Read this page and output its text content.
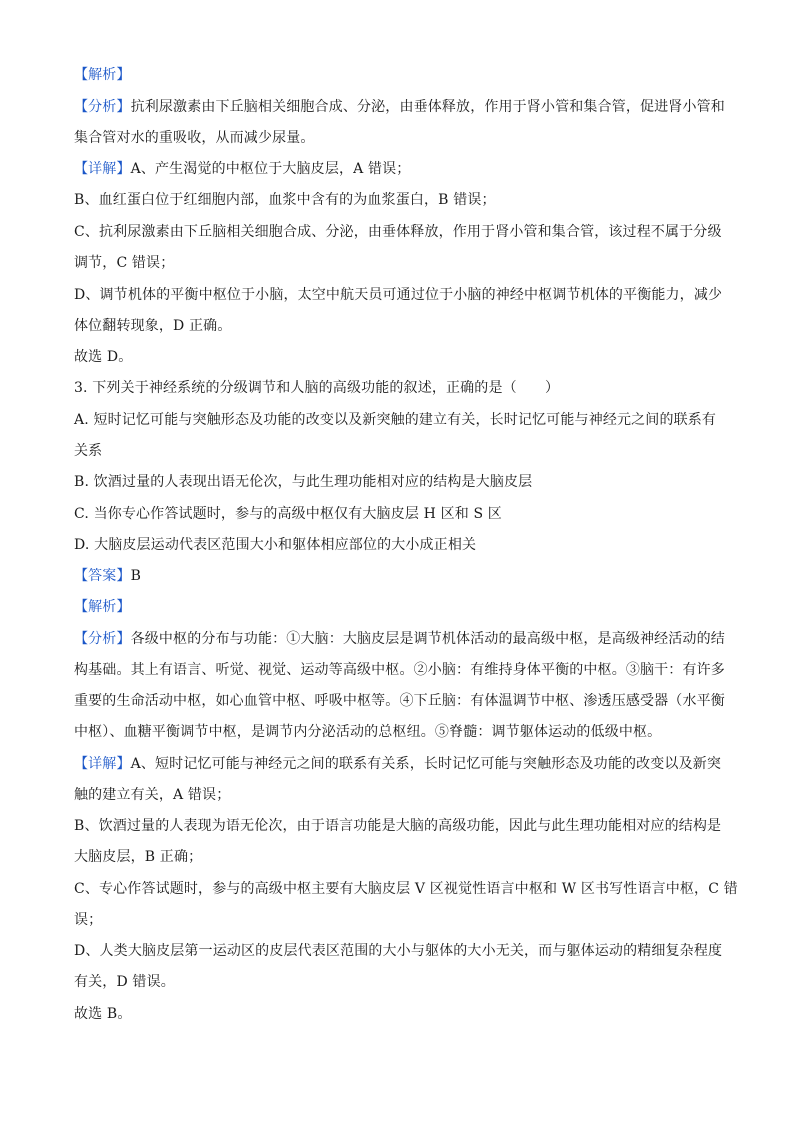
【解析】
【分析】抗利尿激素由下丘脑相关细胞合成、分泌，由垂体释放，作用于肾小管和集合管，促进肾小管和
集合管对水的重吸收，从而减少尿量。
【详解】A、产生渴觉的中枢位于大脑皮层，A 错误；
B、血红蛋白位于红细胞内部，血浆中含有的为血浆蛋白，B 错误；
C、抗利尿激素由下丘脑相关细胞合成、分泌，由垂体释放，作用于肾小管和集合管，该过程不属于分级
调节，C 错误；
D、调节机体的平衡中枢位于小脑，太空中航天员可通过位于小脑的神经中枢调节机体的平衡能力，减少
体位翻转现象，D 正确。
故选 D。
3. 下列关于神经系统的分级调节和人脑的高级功能的叙述，正确的是（　　）
A. 短时记忆可能与突触形态及功能的改变以及新突触的建立有关，长时记忆可能与神经元之间的联系有
关系
B. 饮酒过量的人表现出语无伦次，与此生理功能相对应的结构是大脑皮层
C. 当你专心作答试题时，参与的高级中枢仅有大脑皮层 H 区和 S 区
D. 大脑皮层运动代表区范围大小和躯体相应部位的大小成正相关
【答案】B
【解析】
【分析】各级中枢的分布与功能：①大脑：大脑皮层是调节机体活动的最高级中枢，是高级神经活动的结
构基础。其上有语言、听觉、视觉、运动等高级中枢。②小脑：有维持身体平衡的中枢。③脑干：有许多
重要的生命活动中枢，如心血管中枢、呼吸中枢等。④下丘脑：有体温调节中枢、渗透压感受器（水平衡
中枢）、血糖平衡调节中枢，是调节内分泌活动的总枢纽。⑤脊髓：调节躯体运动的低级中枢。
【详解】A、短时记忆可能与神经元之间的联系有关系，长时记忆可能与突触形态及功能的改变以及新突
触的建立有关，A 错误；
B、饮酒过量的人表现为语无伦次，由于语言功能是大脑的高级功能，因此与此生理功能相对应的结构是
大脑皮层，B 正确；
C、专心作答试题时，参与的高级中枢主要有大脑皮层 V 区视觉性语言中枢和 W 区书写性语言中枢，C 错
误；
D、人类大脑皮层第一运动区的皮层代表区范围的大小与躯体的大小无关，而与躯体运动的精细复杂程度
有关，D 错误。
故选 B。
